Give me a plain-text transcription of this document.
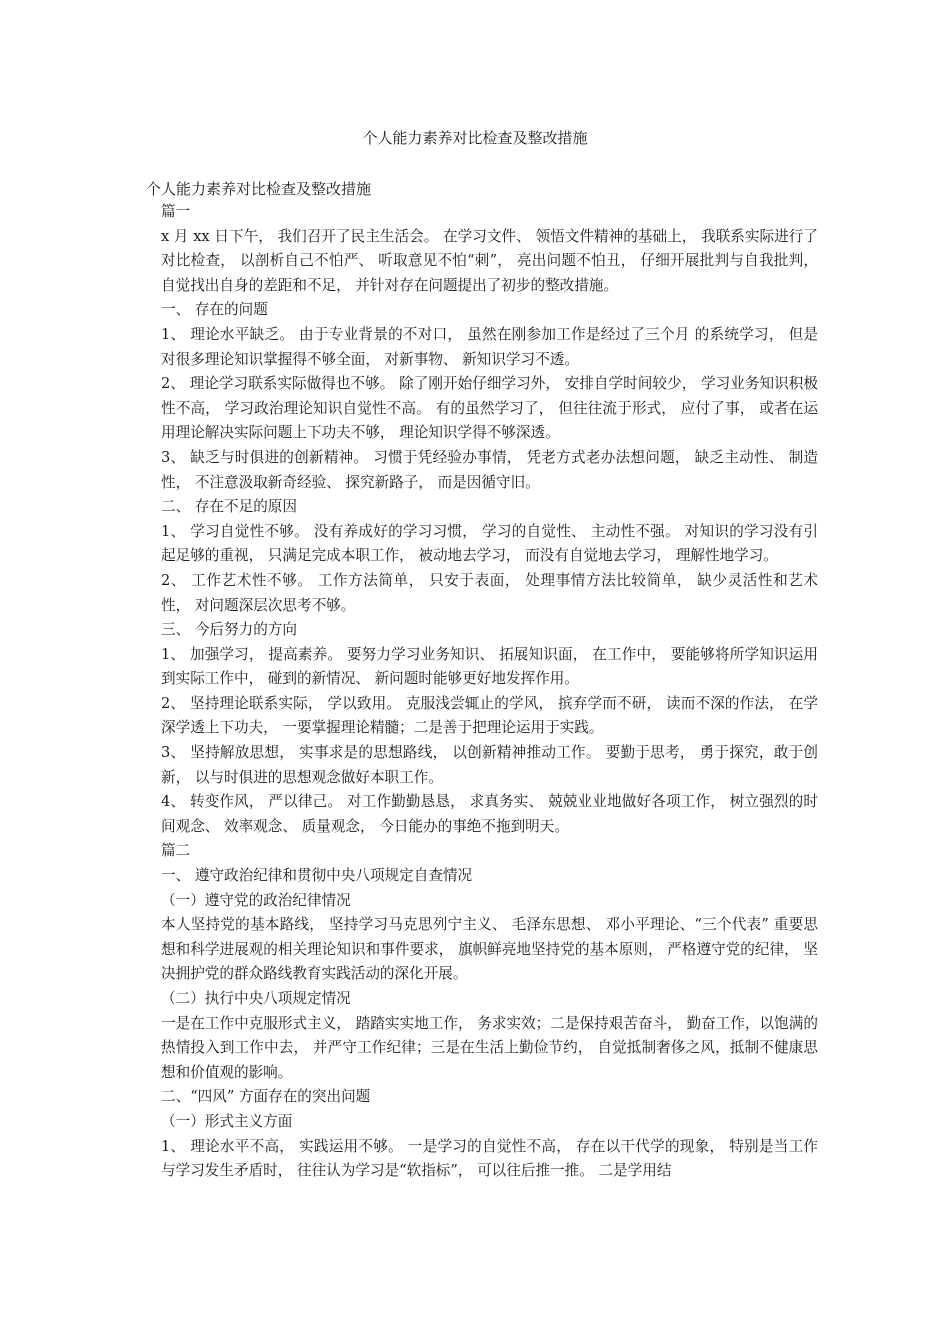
个人能力素养对比检查及整改措施
个人能力素养对比检查及整改措施

篇一

x 月 xx 日下午， 我们召开了民主生活会。 在学习文件、 领悟文件精神的基础上， 我联系实际进行了对比检查， 以剖析自己不怕严、 听取意见不怕“刺”， 亮出问题不怕丑， 仔细开展批判与自我批判， 自觉找出自身的差距和不足， 并针对存在问题提出了初步的整改措施。

一、 存在的问题

1、 理论水平缺乏。 由于专业背景的不对口， 虽然在刚参加工作是经过了三个月 的系统学习， 但是对很多理论知识掌握得不够全面， 对新事物、 新知识学习不透。

2、 理论学习联系实际做得也不够。 除了刚开始仔细学习外， 安排自学时间较少， 学习业务知识积极性不高， 学习政治理论知识自觉性不高。 有的虽然学习了， 但往往流于形式， 应付了事， 或者在运用理论解决实际问题上下功夫不够， 理论知识学得不够深透。

3、 缺乏与时俱进的创新精神。 习惯于凭经验办事情， 凭老方式老办法想问题， 缺乏主动性、 制造性， 不注意汲取新奇经验、 探究新路子， 而是因循守旧。

二、 存在不足的原因

1、 学习自觉性不够。 没有养成好的学习习惯， 学习的自觉性、 主动性不强。 对知识的学习没有引起足够的重视， 只满足完成本职工作， 被动地去学习， 而没有自觉地去学习， 理解性地学习。

2、 工作艺术性不够。 工作方法简单， 只安于表面， 处理事情方法比较简单， 缺少灵活性和艺术性， 对问题深层次思考不够。

三、 今后努力的方向

1、 加强学习， 提高素养。 要努力学习业务知识、 拓展知识面， 在工作中， 要能够将所学知识运用到实际工作中， 碰到的新情况、 新问题时能够更好地发挥作用。

2、 坚持理论联系实际， 学以致用。 克服浅尝辄止的学风， 摈弃学而不研， 读而不深的作法， 在学深学透上下功夫， 一要掌握理论精髓；二是善于把理论运用于实践。

3、 坚持解放思想， 实事求是的思想路线， 以创新精神推动工作。 要勤于思考， 勇于探究，敢于创新， 以与时俱进的思想观念做好本职工作。

4、 转变作风， 严以律己。 对工作勤勤恳恳， 求真务实、 兢兢业业地做好各项工作， 树立强烈的时间观念、 效率观念、 质量观念， 今日能办的事绝不拖到明天。

篇二

一、 遵守政治纪律和贯彻中央八项规定自查情况

（一）遵守党的政治纪律情况

本人坚持党的基本路线， 坚持学习马克思列宁主义、 毛泽东思想、 邓小平理论、“三个代表” 重要思想和科学进展观的相关理论知识和事件要求， 旗帜鲜亮地坚持党的基本原则， 严格遵守党的纪律， 坚决拥护党的群众路线教育实践活动的深化开展。

（二）执行中央八项规定情况

一是在工作中克服形式主义， 踏踏实实地工作， 务求实效；二是保持艰苦奋斗， 勤奋工作，以饱满的热情投入到工作中去， 并严守工作纪律；三是在生活上勤俭节约， 自觉抵制奢侈之风，抵制不健康思想和价值观的影响。

二、“四风” 方面存在的突出问题

（一）形式主义方面

1、 理论水平不高， 实践运用不够。 一是学习的自觉性不高， 存在以干代学的现象， 特别是当工作与学习发生矛盾时， 往往认为学习是“软指标”， 可以往后推一推。 二是学用结
